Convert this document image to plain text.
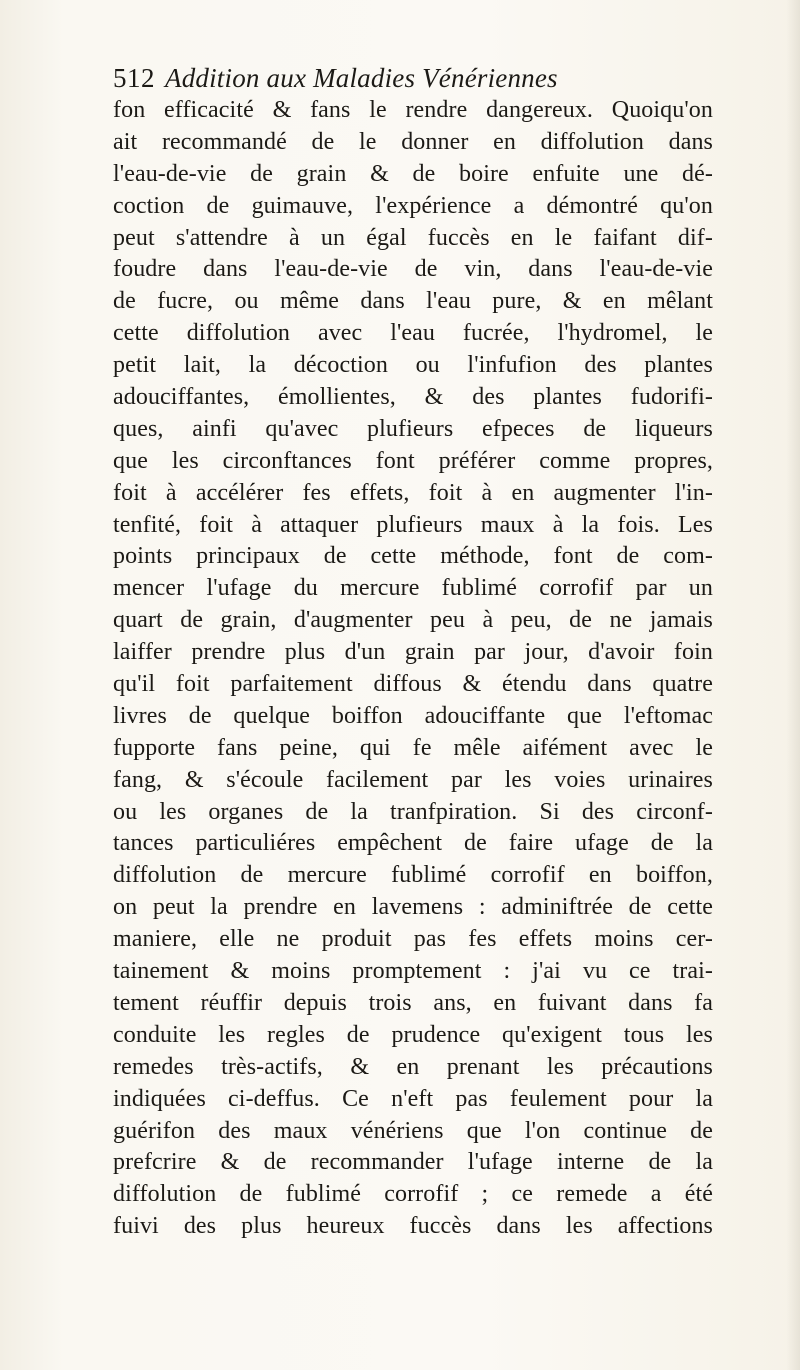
512 Addition aux Maladies Vénériennes
fon efficacité & fans le rendre dangereux. Quoiqu'on
ait recommandé de le donner en diffolution dans
l'eau-de-vie de grain & de boire enfuite une dé-
coction de guimauve, l'expérience a démontré qu'on
peut s'attendre à un égal fuccès en le faifant dif-
foudre dans l'eau-de-vie de vin, dans l'eau-de-vie
de fucre, ou même dans l'eau pure, & en mêlant
cette diffolution avec l'eau fucrée, l'hydromel, le
petit lait, la décoction ou l'infufion des plantes
adouciffantes, émollientes, & des plantes fudorifi-
ques, ainfi qu'avec plufieurs efpeces de liqueurs
que les circonftances font préférer comme propres,
foit à accélérer fes effets, foit à en augmenter l'in-
tenfité, foit à attaquer plufieurs maux à la fois. Les
points principaux de cette méthode, font de com-
mencer l'ufage du mercure fublimé corrofif par un
quart de grain, d'augmenter peu à peu, de ne jamais
laiffer prendre plus d'un grain par jour, d'avoir foin
qu'il foit parfaitement diffous & étendu dans quatre
livres de quelque boiffon adouciffante que l'eftomac
fupporte fans peine, qui fe mêle aifément avec le
fang, & s'écoule facilement par les voies urinaires
ou les organes de la tranfpiration. Si des circonf-
tances particuliéres empêchent de faire ufage de la
diffolution de mercure fublimé corrofif en boiffon,
on peut la prendre en lavemens : adminiftrée de cette
maniere, elle ne produit pas fes effets moins cer-
tainement & moins promptement : j'ai vu ce trai-
tement réuffir depuis trois ans, en fuivant dans fa
conduite les regles de prudence qu'exigent tous les
remedes très-actifs, & en prenant les précautions
indiquées ci-deffus. Ce n'eft pas feulement pour la
guérifon des maux vénériens que l'on continue de
prefcrire & de recommander l'ufage interne de la
diffolution de fublimé corrofif ; ce remede a été
fuivi des plus heureux fuccès dans les affections
